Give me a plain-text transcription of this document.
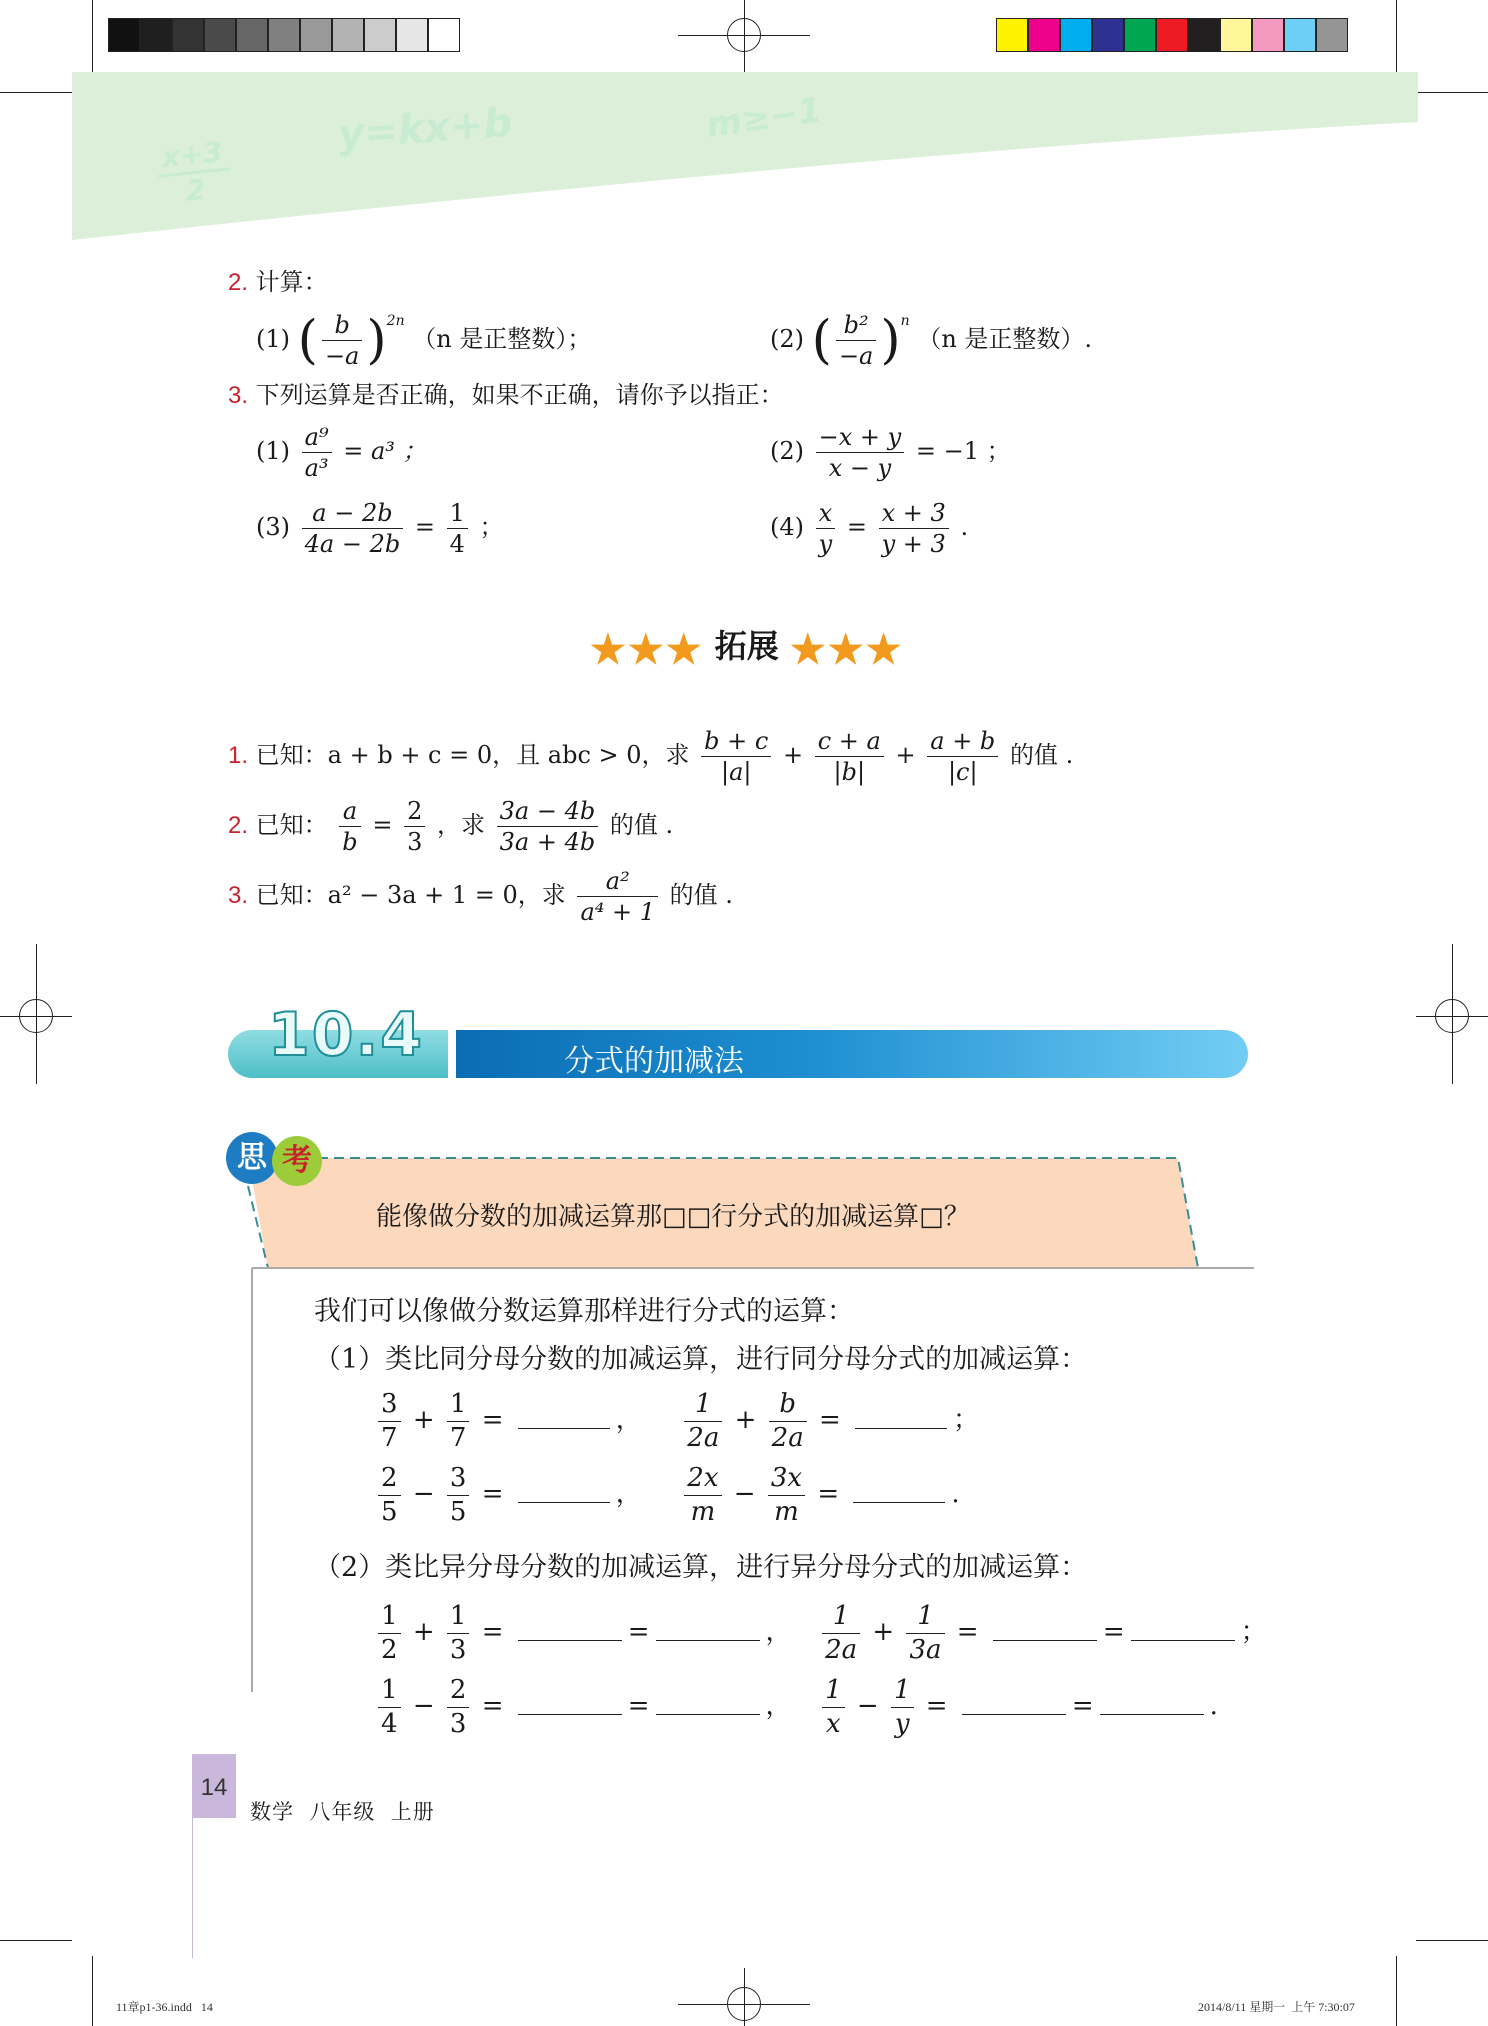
x+3
2
y=kx+b	m≥−1
2. 计算：
(1) ( $\frac{b}{-a} )^{2n}$ （n 是正整数）；	(2) ( $\frac{\text{b²}}{-a} )^n$ （n 是正整数）.
3. 下列运算是否正确，如果不正确，请你予以指正：
$(1) \frac{\text{a⁹}}{\text{a³}} = a^3$ ；	$(2) \frac{-x + y}{x - y} = -1$ ；
$(3) \frac{a - 2b}{4a - 2b} = \frac{1}{4}$ ；	$(4) \frac{x}{y} = \frac{x + 3}{y + 3}$ .
★★★ 拓展 ★★★
1. 已知：a + b + c = 0，且 abc > 0，求 $\frac{b + c}{|a|} + \frac{c + a}{|b|} + \frac{a + b}{|c|}$ 的值 .
2. 已知： $\frac{a}{b} = \frac{2}{3}$ ，求 $\frac{3a - 4b}{3a + 4b}$ 的值 .
3. 已知：a² − 3a + 1 = 0，求 $\frac{\text{a²}}{\text{a⁴ + 1}}$ 的值 .
10.4	分式的加减法
思 考
能像做分数的加减运算那□□行分式的加减运算□？
我们可以像做分数运算那样进行分式的运算：
（1）类比同分母分数的加减运算，进行同分母分式的加减运算：
$\frac{3}{7} + \frac{1}{7}$ =	， $\frac{1}{2a} + \frac{b}{2a}$ =	；
$\frac{2}{5} - \frac{3}{5}$ =	， $\frac{2x}{m} - \frac{3x}{m}$ =	.
（2）类比异分母分数的加减运算，进行异分母分式的加减运算：
$\frac{1}{2} + \frac{1}{3}$ =	=	， $\frac{1}{2a} + \frac{1}{3a}$ =	=	；
$\frac{1}{4} - \frac{2}{3}$ =	=	， $\frac{1}{x} - \frac{1}{y}$ =	=	.
14
数学  八年级  上册
11章p1-36.indd   14	2014/8/11 星期一  上午 7:30:07
